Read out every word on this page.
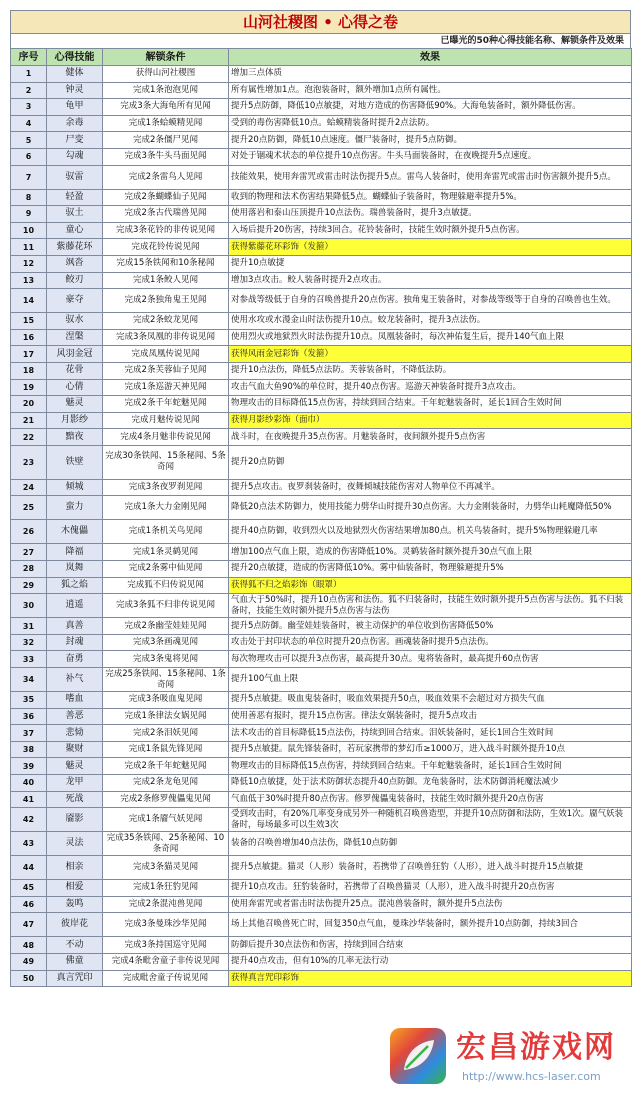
山河社稷图 • 心得之卷
已曝光的50种心得技能名称、解锁条件及效果
序号	心得技能	解锁条件	效果
1	健体	获得山河社稷图	增加三点体质
2	钟灵	完成1条泡泡见闻	所有属性增加1点。泡泡装备时，额外增加1点所有属性。
3	龟甲	完成3条大海龟所有见闻	提升5点防御，降低10点敏捷，对地方造成的伤害降低90%。大海龟装备时，额外降低伤害。
4	余毒	完成1条蛤蟆精见闻	受到的毒伤害降低10点。蛤蟆精装备时提升2点法防。
5	尸变	完成2条僵尸见闻	提升20点防御，降低10点速度。僵尸装备时，提升5点防御。
6	勾魂	完成3条牛头马面见闻	对处于锢魂术状态的单位提升10点伤害。牛头马面装备时，在夜晚提升5点速度。
7	驭雷	完成2条雷鸟人见闻	技能效果，使用奔雷咒或雷击时法伤提升5点。雷鸟人装备时，使用奔雷咒或雷击时伤害额外提升5点。
8	轻盈	完成2条蝴蝶仙子见闻	收到的物理和法术伤害结果降低5点。蝴蝶仙子装备时，物理躲避率提升5%。
9	驭土	完成2条古代瑞兽见闻	使用落岩和泰山压顶提升10点法伤。瑞兽装备时，提升3点敏捷。
10	童心	完成3条花铃的非传说见闻	入场后提升20伤害，持续3回合。花铃装备时，技能生效时额外提升5点伤害。
11	紫藤花环	完成花铃传说见闻	获得紫藤花环彩饰（发箍）
12	飒沓	完成15条铁闻和10条秘闻	提升10点敏捷
13	鲛刃	完成1条鲛人见闻	增加3点攻击。鲛人装备时提升2点攻击。
14	豪夺	完成2条独角鬼王见闻	对参战等级低于自身的召唤兽提升20点伤害。独角鬼王装备时，对参战等级等于自身的召唤兽也生效。
15	驭水	完成2条蛟龙见闻	使用水攻或水漫金山时法伤提升10点。蛟龙装备时，提升3点法伤。
16	涅槃	完成3条凤凰的非传说见闻	使用烈火或地狱烈火时法伤提升10点。凤凰装备时，每次神佑复生后，提升140气血上限
17	风羽金冠	完成凤凰传说见闻	获得风雨金冠彩饰（发箍）
18	花骨	完成2条芙蓉仙子见闻	提升10点法伤，降低5点法防。芙蓉装备时，不降低法防。
19	心倩	完成1条巡游天神见闻	攻击气血大鱼90%的单位时，提升40点伤害。巡游天神装备时提升3点攻击。
20	魅灵	完成2条千年蛇魅见闻	物理攻击的目标降低15点伤害，持续到回合结束。千年蛇魅装备时，延长1回合生效时间
21	月影纱	完成月魅传说见闻	获得月影纱彩饰（面巾）
22	黯夜	完成4条月魅非传说见闻	战斗时，在夜晚提升35点伤害。月魅装备时，夜间额外提升5点伤害
23	铁壁	完成30条铁闻、15条秘闻、5条奇闻	提升20点防御
24	倾城	完成3条夜罗刹见闻	提升5点攻击。夜罗刹装备时，夜舞倾城技能伤害对人物单位不再减半。
25	蛮力	完成1条大力金刚见闻	降低20点法术防御力，使用技能力劈华山时提升30点伤害。大力金刚装备时，力劈华山耗魔降低50%
26	木傀儡	完成1条机关鸟见闻	提升40点防御，收到烈火以及地狱烈火伤害结果增加80点。机关鸟装备时，提升5%物理躲避几率
27	降福	完成1条灵鹤见闻	增加100点气血上限，造成的伤害降低10%。灵鹤装备时额外提升30点气血上限
28	岚舞	完成2条雾中仙见闻	提升20点敏捷，造成的伤害降低10%。雾中仙装备时，物理躲避提升5%
29	狐之焰	完成狐不归传说见闻	获得狐不归之焰彩饰（眼罩）
30	逍遥	完成3条狐不归非传说见闻	气血大于50%时，提升10点伤害和法伤。狐不归装备时，技能生效时额外提升5点伤害与法伤。狐不归装备时，技能生效时额外提升5点伤害与法伤
31	真善	完成2条幽莹娃娃见闻	提升5点防御。幽莹娃娃装备时，被主动保护的单位收到伤害降低50%
32	封魂	完成3条画魂见闻	攻击处于封印状态的单位时提升20点伤害。画魂装备时提升5点法伤。
33	奋勇	完成3条鬼将见闻	每次物理攻击可以提升3点伤害，最高提升30点。鬼将装备时，最高提升60点伤害
34	补气	完成25条铁闻、15条秘闻、1条奇闻	提升100气血上限
35	嗜血	完成3条吸血鬼见闻	提升5点敏捷。吸血鬼装备时，吸血效果提升50点，吸血效果不会超过对方损失气血
36	善恶	完成1条律法女娲见闻	使用善恶有报时，提升15点伤害。律法女娲装备时，提升5点攻击
37	悲恸	完成2条泪妖见闻	法术攻击的首目标降低15点法伤，持续到回合结束。泪妖装备时，延长1回合生效时间
38	聚财	完成1条鼠先锋见闻	提升5点敏捷。鼠先锋装备时，若玩家携带的梦幻币≥1000万，进入战斗时额外提升10点
39	魅灵	完成2条千年蛇魅见闻	物理攻击的目标降低15点伤害，持续到回合结束。千年蛇魅装备时，延长1回合生效时间
40	龙甲	完成2条龙龟见闻	降低10点敏捷，处于法术防御状态提升40点防御。龙龟装备时，法术防御消耗魔法减少
41	死战	完成2条修罗傀儡鬼见闻	气血低于30%时提升80点伤害。修罗傀儡鬼装备时，技能生效时额外提升20点伤害
42	靥影	完成1条靥气妖见闻	受到攻击时，有20%几率变身成另外一种随机召唤兽造型，并提升10点防御和法防，生效1次。靥气妖装备时，每场最多可以生效3次
43	灵法	完成35条铁闻、25条秘闻、10条奇闻	装备的召唤兽增加40点法伤，降低10点防御
44	相亲	完成3条猫灵见闻	提升5点敏捷。猫灵（人形）装备时，若携带了召唤兽狂豹（人形），进入战斗时提升15点敏捷
45	相爱	完成1条狂豹见闻	提升10点攻击。狂豹装备时，若携带了召唤兽猫灵（人形），进入战斗时提升20点伤害
46	轰鸣	完成2条混沌兽见闻	使用奔雷咒或者雷击时法伤提升25点。混沌兽装备时，额外提升5点法伤
47	彼岸花	完成3条曼珠沙华见闻	场上其他召唤兽死亡时，回复350点气血，曼珠沙华装备时，额外提升10点防御，持续3回合
48	不动	完成3条持国巡守见闻	防御后提升30点法伤和伤害，持续到回合结束
49	佛童	完成4条毗舍童子非传说见闻	提升40点攻击，但有10%的几率无法行动
50	真言咒印	完成毗舍童子传说见闻	获得真言咒印彩饰
宏昌游戏网
http://www.hcs-laser.com
